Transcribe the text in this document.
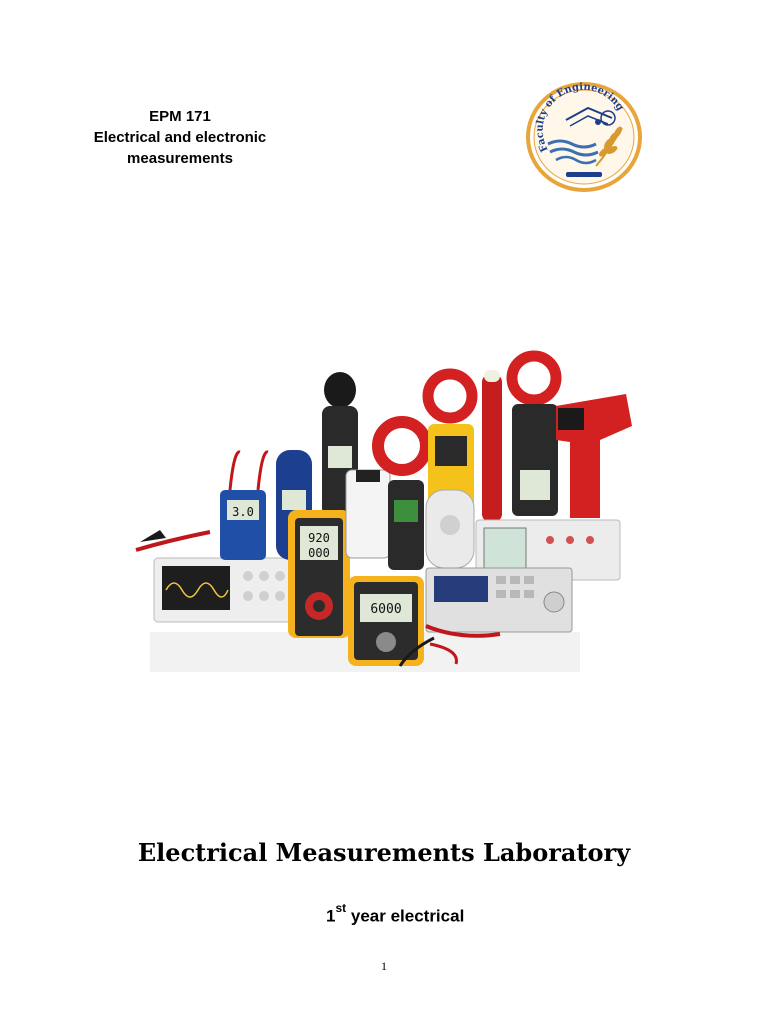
EPM 171
Electrical and electronic
measurements
Faculty of Engineering
3.0
920
000
6000
Electrical Measurements Laboratory
1st year electrical
1
